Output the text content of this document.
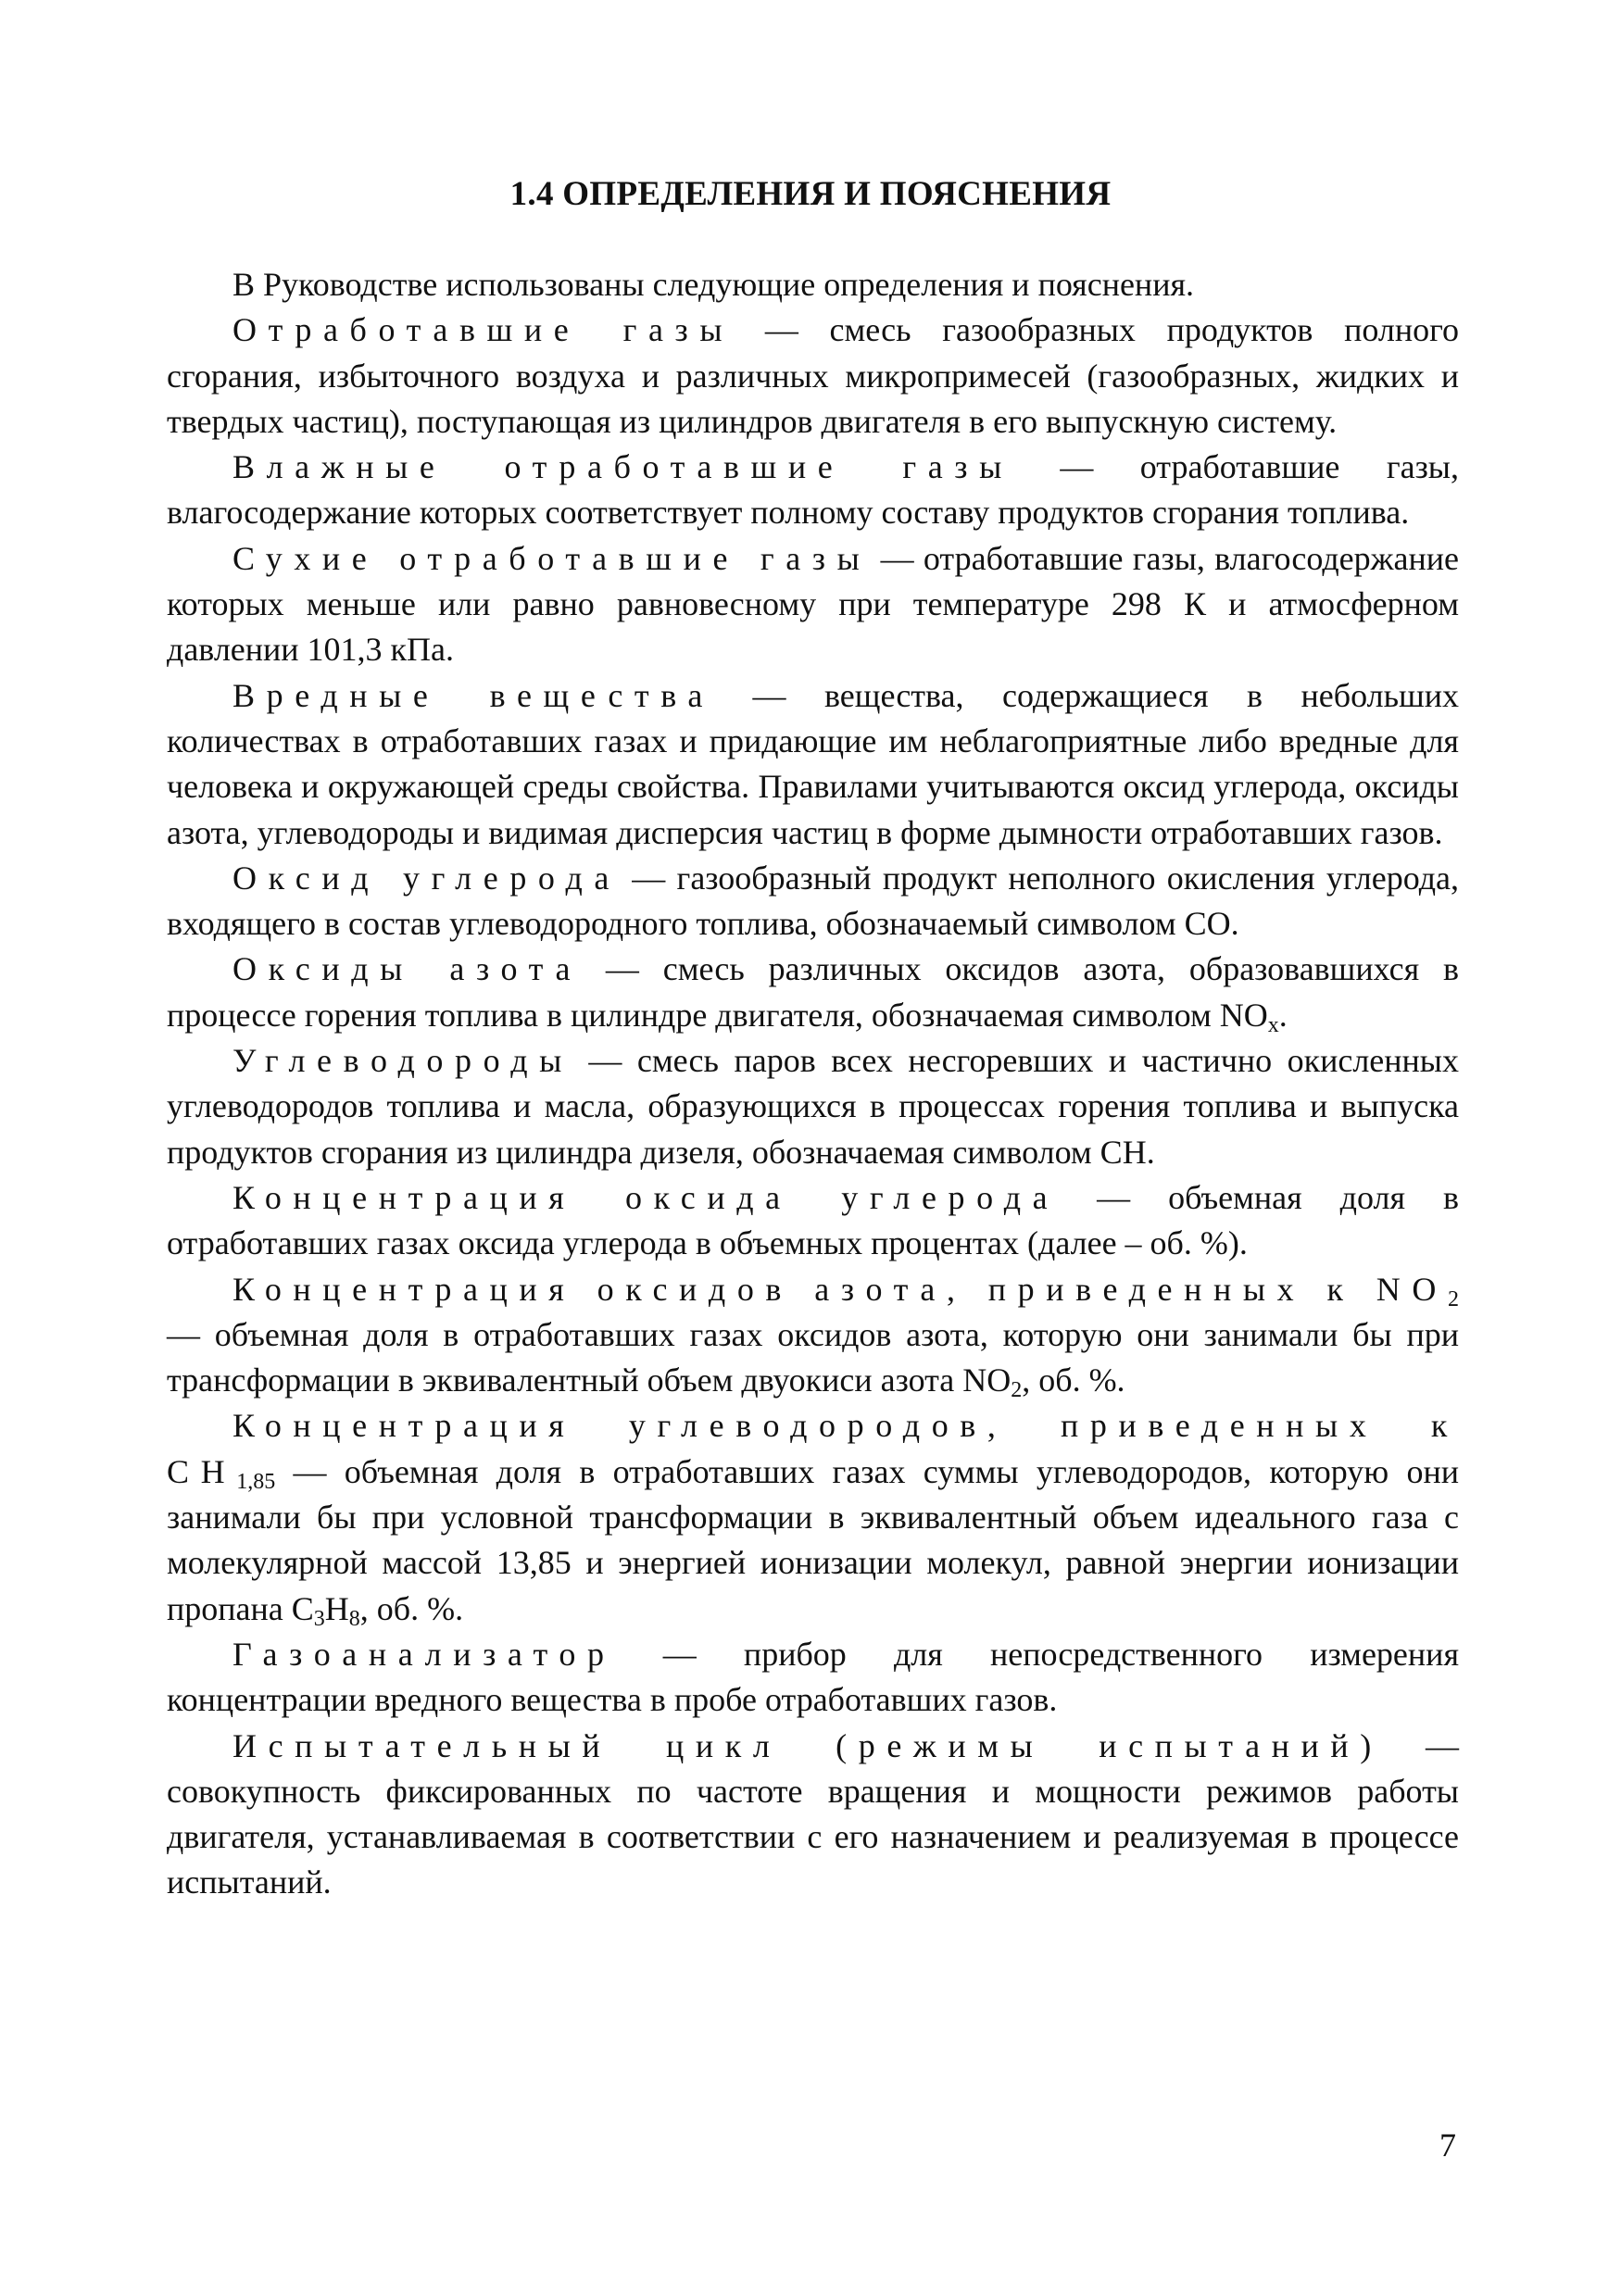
1.4 ОПРЕДЕЛЕНИЯ И ПОЯСНЕНИЯ

В Руководстве использованы следующие определения и пояснения.

Отработавшие газы — смесь газообразных продуктов полного сгорания, избыточного воздуха и различных микропримесей (газообразных, жидких и твердых частиц), поступающая из цилиндров двигателя в его выпускную систему.

Влажные отработавшие газы — отработавшие газы, влагосодержание которых соответствует полному составу продуктов сгорания топлива.

Сухие отработавшие газы — отработавшие газы, влагосодержание которых меньше или равно равновесному при температуре 298 К и атмосферном давлении 101,3 кПа.

Вредные вещества — вещества, содержащиеся в небольших количествах в отработавших газах и придающие им неблагоприятные либо вредные для человека и окружающей среды свойства. Правилами учитываются оксид углерода, оксиды азота, углеводороды и видимая дисперсия частиц в форме дымности отработавших газов.

Оксид углерода — газообразный продукт неполного окисления углерода, входящего в состав углеводородного топлива, обозначаемый символом CO.

Оксиды азота — смесь различных оксидов азота, образовавшихся в процессе горения топлива в цилиндре двигателя, обозначаемая символом $NO_x$.

Углеводороды — смесь паров всех несгоревших и частично окисленных углеводородов топлива и масла, образующихся в процессах горения топлива и выпуска продуктов сгорания из цилиндра дизеля, обозначаемая символом CH.

Концентрация оксида углерода — объемная доля в отработавших газах оксида углерода в объемных процентах (далее – об. %).

Концентрация оксидов азота, приведенных к $NO_2$ — объемная доля в отработавших газах оксидов азота, которую они занимали бы при трансформации в эквивалентный объем двуокиси азота $NO_2$, об. %.

Концентрация углеводородов, приведенных к $CH_{1,85}$ — объемная доля в отработавших газах суммы углеводородов, которую они занимали бы при условной трансформации в эквивалентный объем идеального газа с молекулярной массой 13,85 и энергией ионизации молекул, равной энергии ионизации пропана $C_3H_8$, об. %.

Газоанализатор — прибор для непосредственного измерения концентрации вредного вещества в пробе отработавших газов.

Испытательный цикл (режимы испытаний) — совокупность фиксированных по частоте вращения и мощности режимов работы двигателя, устанавливаемая в соответствии с его назначением и реализуемая в процессе испытаний.

7
